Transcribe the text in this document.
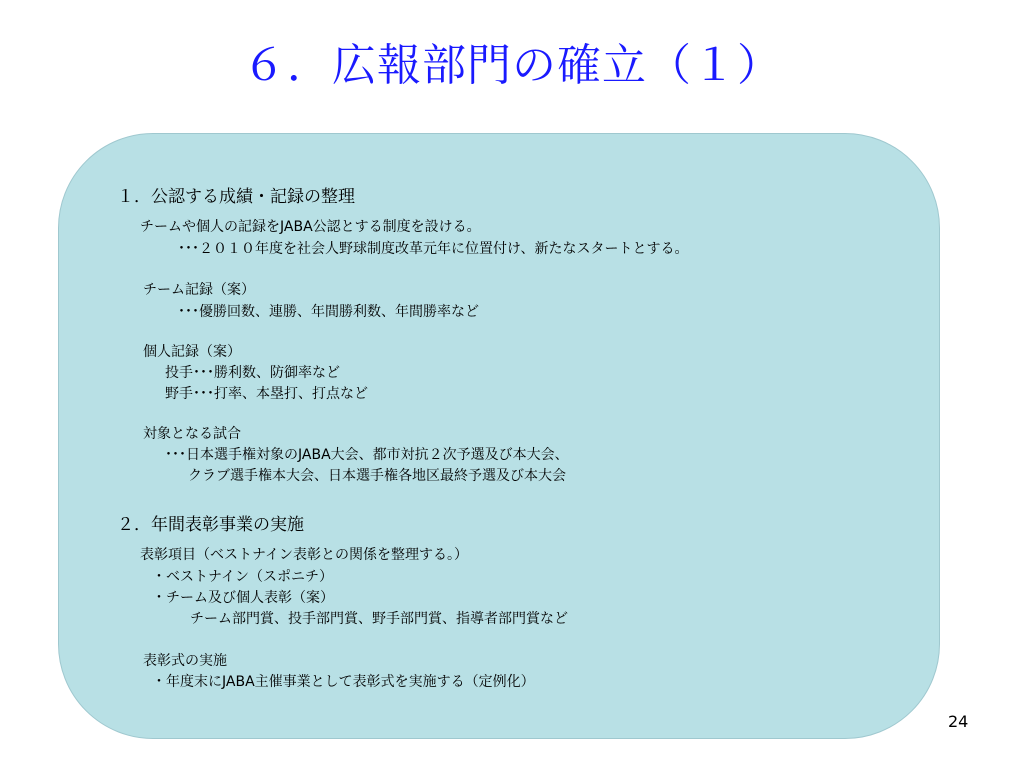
６．広報部門の確立（１）
１．公認する成績・記録の整理
チームや個人の記録をJABA公認とする制度を設ける。
･･･２０１０年度を社会人野球制度改革元年に位置付け、新たなスタートとする。
チーム記録（案）
･･･優勝回数、連勝、年間勝利数、年間勝率など
個人記録（案）
投手･･･勝利数、防御率など
野手･･･打率、本塁打、打点など
対象となる試合
･･･日本選手権対象のJABA大会、都市対抗２次予選及び本大会、
クラブ選手権本大会、日本選手権各地区最終予選及び本大会
２．年間表彰事業の実施
表彰項目（ベストナイン表彰との関係を整理する。）
・ベストナイン（スポニチ）
・チーム及び個人表彰（案）
チーム部門賞、投手部門賞、野手部門賞、指導者部門賞など
表彰式の実施
・年度末にJABA主催事業として表彰式を実施する（定例化）
24
